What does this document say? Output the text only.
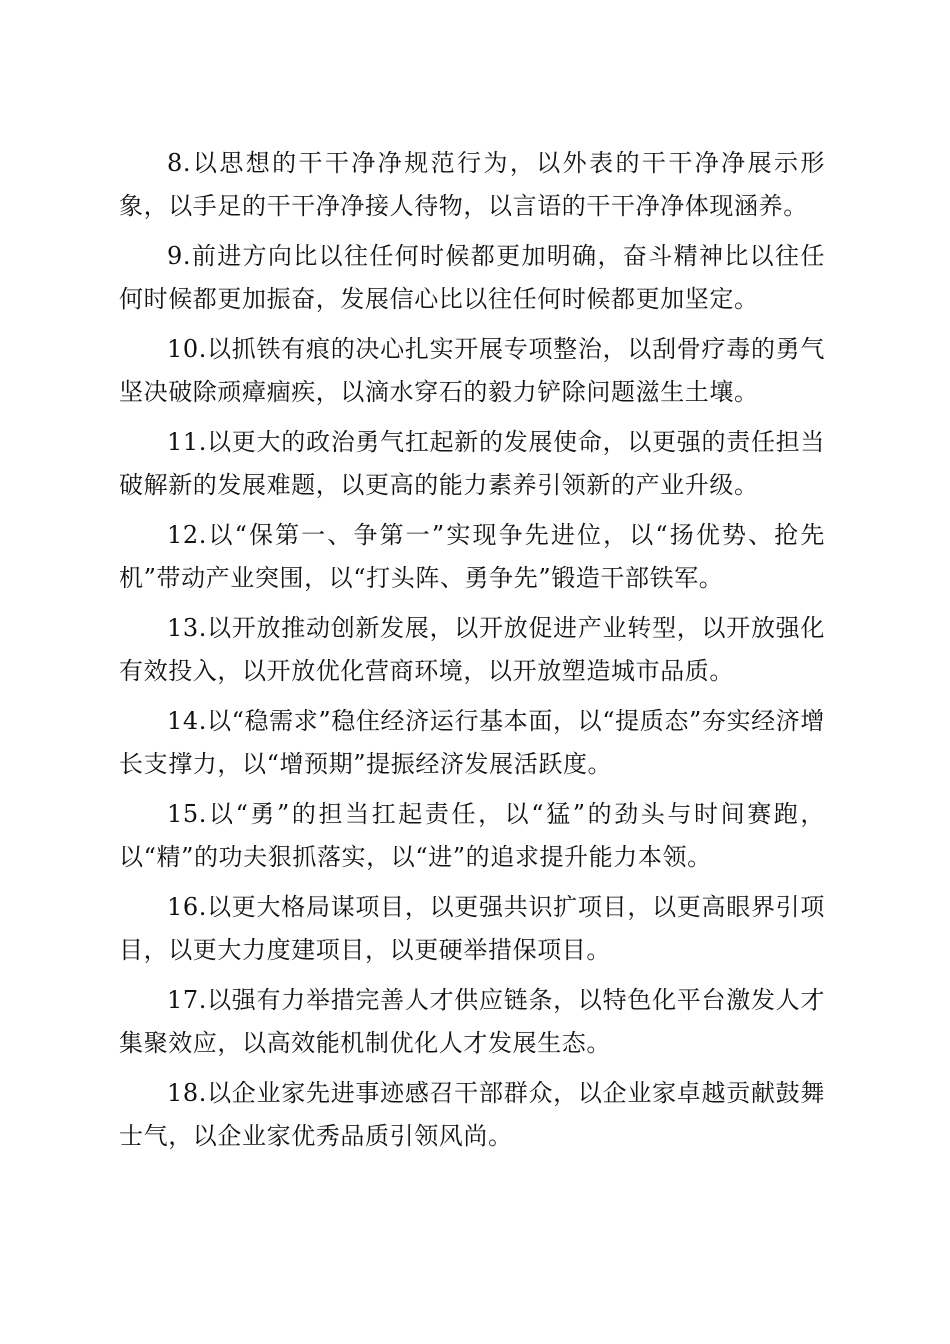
8.以思想的干干净净规范行为，以外表的干干净净展示形象，以手足的干干净净接人待物，以言语的干干净净体现涵养。

9.前进方向比以往任何时候都更加明确，奋斗精神比以往任何时候都更加振奋，发展信心比以往任何时候都更加坚定。

10.以抓铁有痕的决心扎实开展专项整治，以刮骨疗毒的勇气坚决破除顽瘴痼疾，以滴水穿石的毅力铲除问题滋生土壤。

11.以更大的政治勇气扛起新的发展使命，以更强的责任担当破解新的发展难题，以更高的能力素养引领新的产业升级。

12.以“保第一、争第一”实现争先进位，以“扬优势、抢先机”带动产业突围，以“打头阵、勇争先”锻造干部铁军。

13.以开放推动创新发展，以开放促进产业转型，以开放强化有效投入，以开放优化营商环境，以开放塑造城市品质。

14.以“稳需求”稳住经济运行基本面，以“提质态”夯实经济增长支撑力，以“增预期”提振经济发展活跃度。

15.以“勇”的担当扛起责任，以“猛”的劲头与时间赛跑，以“精”的功夫狠抓落实，以“进”的追求提升能力本领。

16.以更大格局谋项目，以更强共识扩项目，以更高眼界引项目，以更大力度建项目，以更硬举措保项目。

17.以强有力举措完善人才供应链条，以特色化平台激发人才集聚效应，以高效能机制优化人才发展生态。

18.以企业家先进事迹感召干部群众，以企业家卓越贡献鼓舞士气，以企业家优秀品质引领风尚。
